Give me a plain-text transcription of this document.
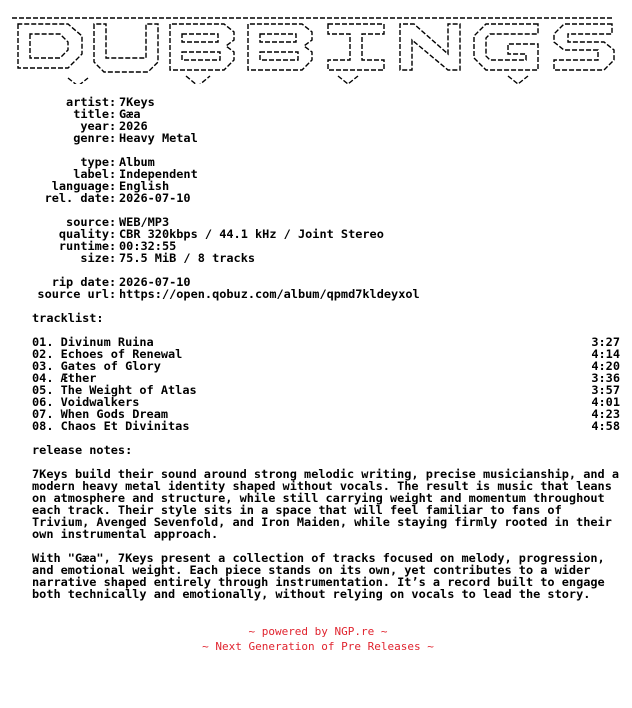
artist : 7Keys
title : Gæa
year : 2026
genre : Heavy Metal
type : Album
label : Independent
language : English
rel. date : 2026-07-10
source : WEB/MP3
quality : CBR 320kbps / 44.1 kHz / Joint Stereo
runtime : 00:32:55
size : 75.5 MiB / 8 tracks
rip date : 2026-07-10
source url : https://open.qobuz.com/album/qpmd7kldeyxol
tracklist:
01. Divinum Ruina	3:27
02. Echoes of Renewal	4:14
03. Gates of Glory	4:20
04. Æther	3:36
05. The Weight of Atlas	3:57
06. Voidwalkers	4:01
07. When Gods Dream	4:23
08. Chaos Et Divinitas	4:58
release notes:

7Keys build their sound around strong melodic writing, precise musicianship, and a modern heavy metal identity shaped without vocals. The result is music that leans on atmosphere and structure, while still carrying weight and momentum throughout each track. Their style sits in a space that will feel familiar to fans of Trivium, Avenged Sevenfold, and Iron Maiden, while staying firmly rooted in their own instrumental approach.

With "Gæa", 7Keys present a collection of tracks focused on melody, progression, and emotional weight. Each piece stands on its own, yet contributes to a wider narrative shaped entirely through instrumentation. It’s a record built to engage both technically and emotionally, without relying on vocals to lead the story.

~ powered by NGP.re ~
~ Next Generation of Pre Releases ~
